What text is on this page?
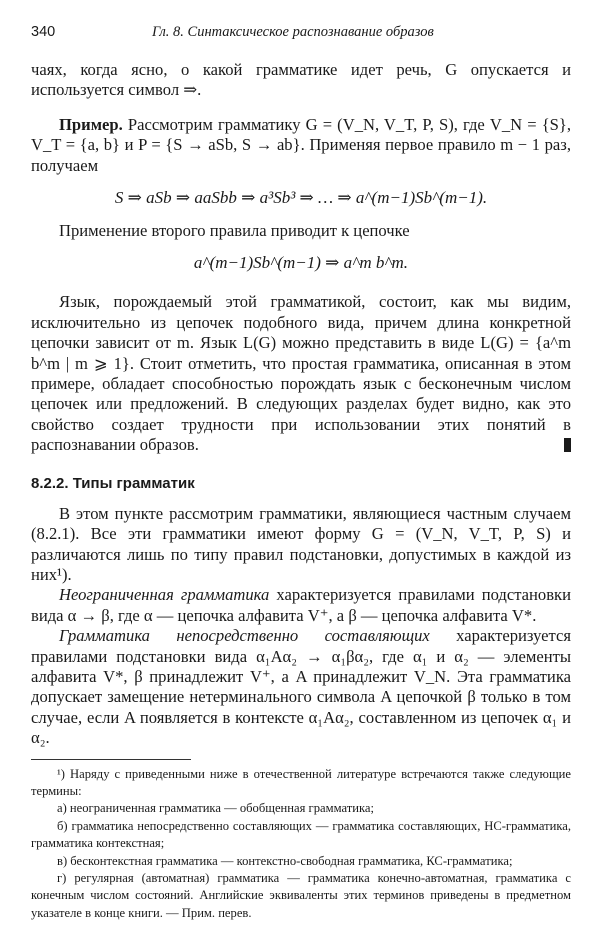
340	Гл. 8. Синтаксическое распознавание образов

чаях, когда ясно, о какой грамматике идет речь, G опускается и используется символ ⇒.

Пример. Рассмотрим грамматику G = (V_N, V_T, P, S), где V_N = {S}, V_T = {a, b} и P = {S → aSb, S → ab}. Применяя первое правило m − 1 раз, получаем

S ⇒ aSb ⇒ aaSbb ⇒ a³Sb³ ⇒ … ⇒ a^(m−1)Sb^(m−1).

Применение второго правила приводит к цепочке

a^(m−1)Sb^(m−1) ⇒ a^m b^m.

Язык, порождаемый этой грамматикой, состоит, как мы видим, исключительно из цепочек подобного вида, причем длина конкретной цепочки зависит от m. Язык L(G) можно представить в виде L(G) = {a^m b^m | m ⩾ 1}. Стоит отметить, что простая грамматика, описанная в этом примере, обладает способностью порождать язык с бесконечным числом цепочек или предложений. В следующих разделах будет видно, как это свойство создает трудности при использовании этих понятий в распознавании образов.

8.2.2. Типы грамматик

В этом пункте рассмотрим грамматики, являющиеся частным случаем (8.2.1). Все эти грамматики имеют форму G = (V_N, V_T, P, S) и различаются лишь по типу правил подстановки, допустимых в каждой из них¹).

Неограниченная грамматика характеризуется правилами подстановки вида α → β, где α — цепочка алфавита V⁺, а β — цепочка алфавита V*.

Грамматика непосредственно составляющих характеризуется правилами подстановки вида α₁Aα₂ → α₁βα₂, где α₁ и α₂ — элементы алфавита V*, β принадлежит V⁺, а A принадлежит V_N. Эта грамматика допускает замещение нетерминального символа A цепочкой β только в том случае, если A появляется в контексте α₁Aα₂, составленном из цепочек α₁ и α₂.

¹) Наряду с приведенными ниже в отечественной литературе встречаются также следующие термины:

а) неограниченная грамматика — обобщенная грамматика;

б) грамматика непосредственно составляющих — грамматика составляющих, НС-грамматика, грамматика контекстная;

в) бесконтекстная грамматика — контекстно-свободная грамматика, КС-грамматика;

г) регулярная (автоматная) грамматика — грамматика конечно-автоматная, грамматика с конечным числом состояний. Английские эквиваленты этих терминов приведены в предметном указателе в конце книги. — Прим. перев.
